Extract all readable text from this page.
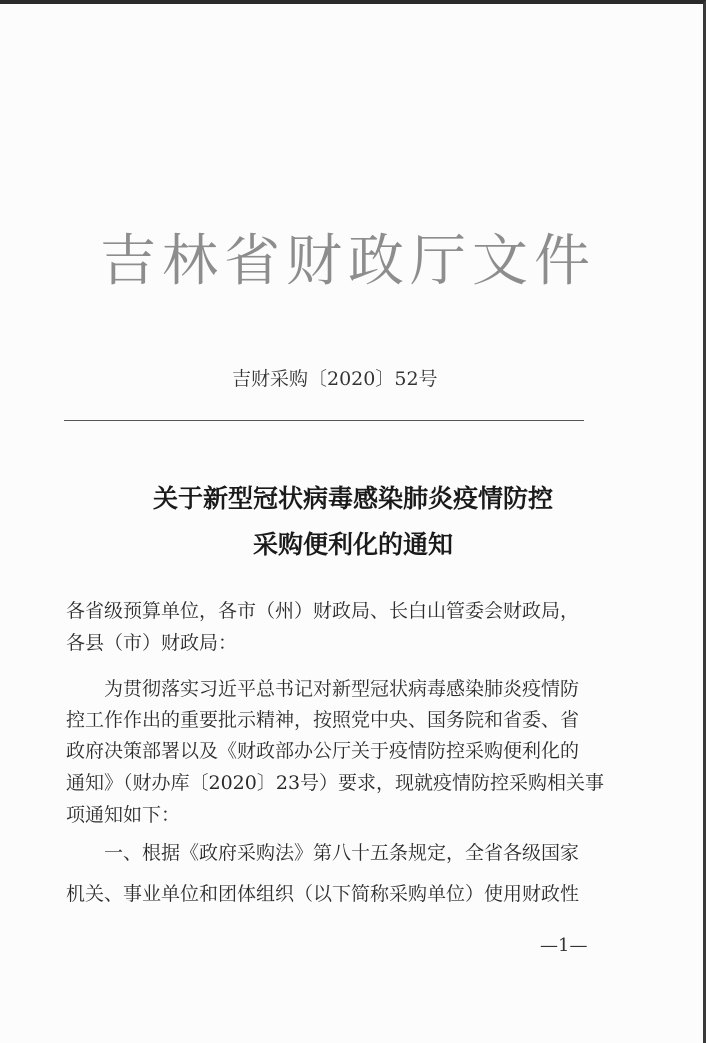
吉林省财政厅文件
吉财采购〔2020〕52号
关于新型冠状病毒感染肺炎疫情防控
采购便利化的通知
各省级预算单位，各市（州）财政局、长白山管委会财政局，
各县（市）财政局：
为贯彻落实习近平总书记对新型冠状病毒感染肺炎疫情防
控工作作出的重要批示精神，按照党中央、国务院和省委、省
政府决策部署以及《财政部办公厅关于疫情防控采购便利化的
通知》（财办库〔2020〕23号）要求，现就疫情防控采购相关事
项通知如下：
一、根据《政府采购法》第八十五条规定，全省各级国家
机关、事业单位和团体组织（以下简称采购单位）使用财政性
—1—
